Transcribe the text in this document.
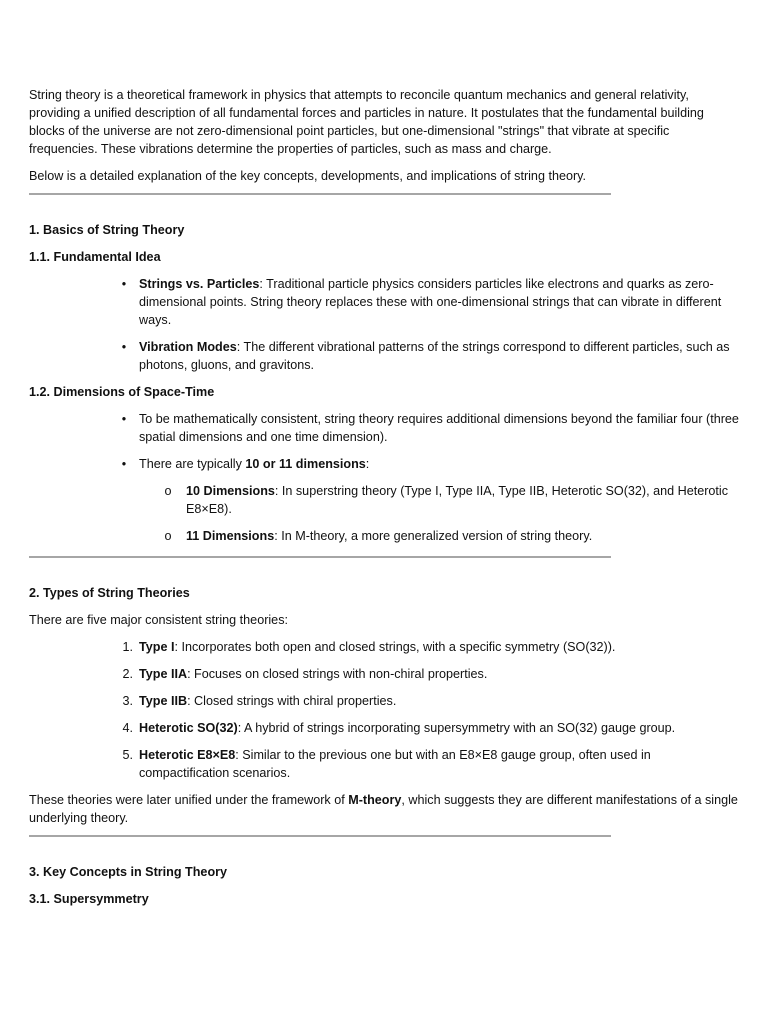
String theory is a theoretical framework in physics that attempts to reconcile quantum mechanics and general relativity, providing a unified description of all fundamental forces and particles in nature. It postulates that the fundamental building blocks of the universe are not zero-dimensional point particles, but one-dimensional "strings" that vibrate at specific frequencies. These vibrations determine the properties of particles, such as mass and charge.

Below is a detailed explanation of the key concepts, developments, and implications of string theory.

1. Basics of String Theory

1.1. Fundamental Idea

•	Strings vs. Particles: Traditional particle physics considers particles like electrons and quarks as zero-dimensional points. String theory replaces these with one-dimensional strings that can vibrate in different ways.
•	Vibration Modes: The different vibrational patterns of the strings correspond to different particles, such as photons, gluons, and gravitons.

1.2. Dimensions of Space-Time

•	To be mathematically consistent, string theory requires additional dimensions beyond the familiar four (three spatial dimensions and one time dimension).
•	There are typically 10 or 11 dimensions:
o 10 Dimensions: In superstring theory (Type I, Type IIA, Type IIB, Heterotic SO(32), and Heterotic E8×E8).
o 11 Dimensions: In M-theory, a more generalized version of string theory.

2. Types of String Theories

There are five major consistent string theories:

1. Type I: Incorporates both open and closed strings, with a specific symmetry (SO(32)).
2. Type IIA: Focuses on closed strings with non-chiral properties.
3. Type IIB: Closed strings with chiral properties.
4. Heterotic SO(32): A hybrid of strings incorporating supersymmetry with an SO(32) gauge group.
5. Heterotic E8×E8: Similar to the previous one but with an E8×E8 gauge group, often used in compactification scenarios.

These theories were later unified under the framework of M-theory, which suggests they are different manifestations of a single underlying theory.

3. Key Concepts in String Theory

3.1. Supersymmetry
